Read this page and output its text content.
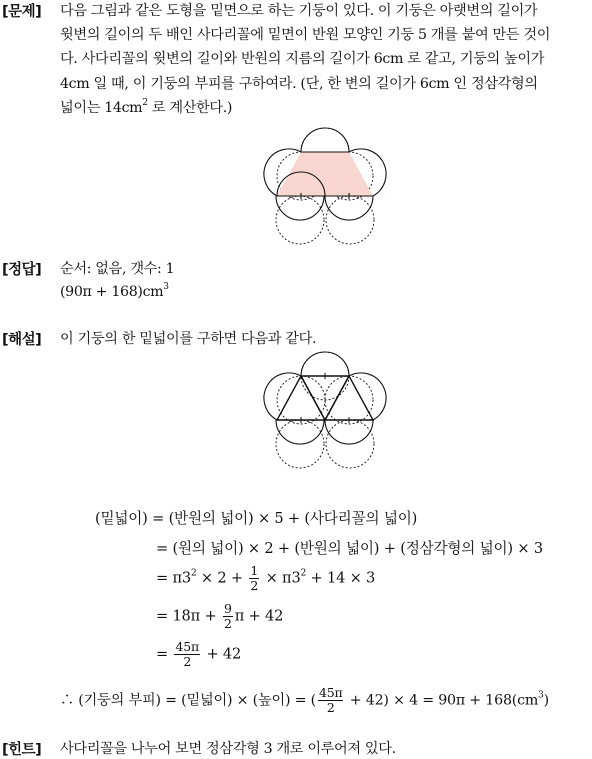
[문제] 다음 그림과 같은 도형을 밑면으로 하는 기둥이 있다. 이 기둥은 아랫변의 길이가
윗변의 길이의 두 배인 사다리꼴에 밑면이 반원 모양인 기둥 5 개를 붙여 만든 것이
다. 사다리꼴의 윗변의 길이와 반원의 지름의 길이가 6cm 로 같고, 기둥의 높이가
4cm 일 때, 이 기둥의 부피를 구하여라. (단, 한 변의 길이가 6cm 인 정삼각형의
넓이는 $14cm^2$ 로 계산한다.)
[정답] 순서: 없음, 갯수: 1
$(90\pi + 168)cm^3$
[해설] 이 기둥의 한 밑넓이를 구하면 다음과 같다.
(밑넓이) = (반원의 넓이) × 5 + (사다리꼴의 넓이)
= (원의 넓이) × 2 + (반원의 넓이) + (정삼각형의 넓이) × 3
= $\pi 3^2 \times 2 + \frac{1}{2} \times \pi 3^2 + 14 \times 3$
= $18\pi + \frac{9}{2}$ π + 42
= $\frac{45\pi}{2} + 42$
∴ (기둥의 부피) = (밑넓이) × (높이) = ( $\frac{45\pi}{2} + 42) \times 4 = 90\pi + 168(cm^3)$
[힌트] 사다리꼴을 나누어 보면 정삼각형 3 개로 이루어져 있다.
